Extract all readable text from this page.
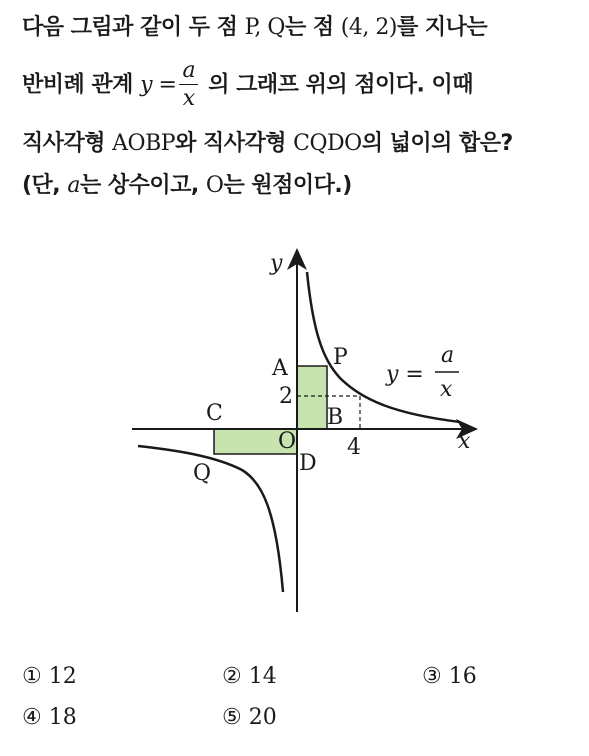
다음 그림과 같이 두 점 P, Q는 점 (4, 2)를 지나는
반비례 관계 $y = \frac{a}{x}$ 의 그래프 위의 점이다. 이때
직사각형 AOBP와 직사각형 CQDO의 넓이의 합은?
(단, a는 상수이고, O는 원점이다.)
y
x
A P
2
B
C
O 4
D
Q
y =
a
x
① 12	② 14	③ 16
④ 18	⑤ 20
